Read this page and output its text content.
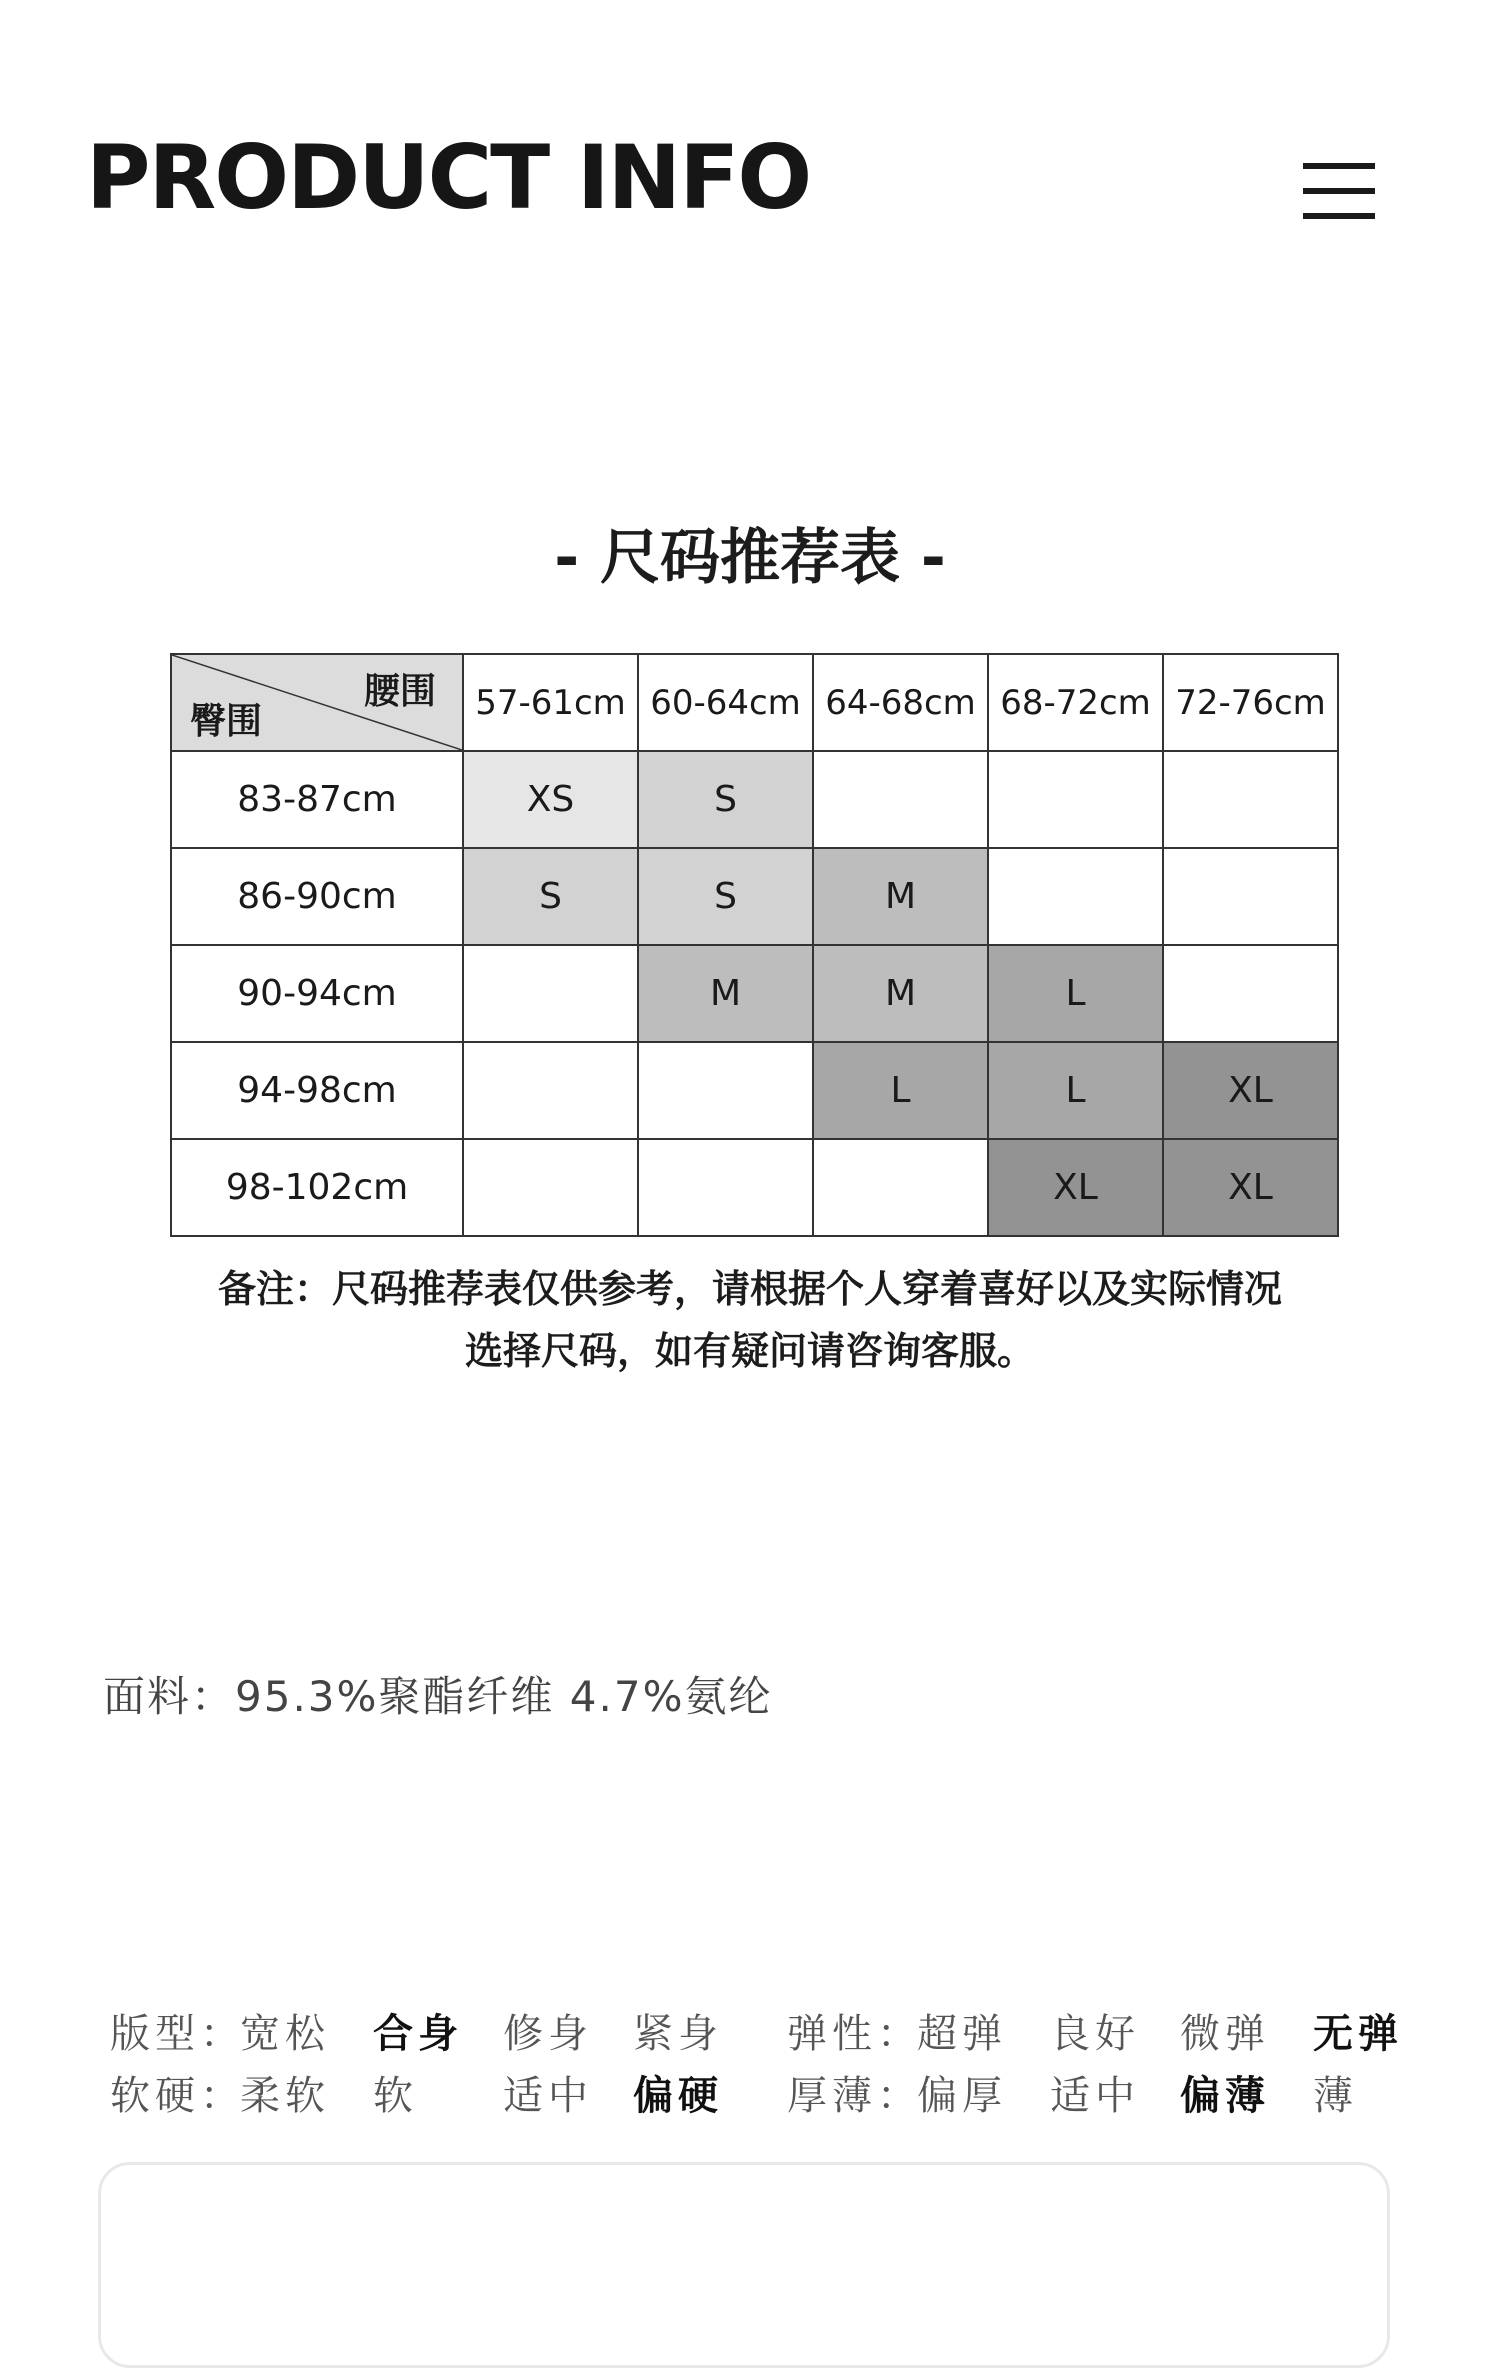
PRODUCT INFO
- 尺码推荐表 -
腰围
臀围	57-61cm	60-64cm	64-68cm	68-72cm	72-76cm
83-87cm	XS	S			
86-90cm	S	S	M		
90-94cm		M	M	L	
94-98cm			L	L	XL
98-102cm				XL	XL
备注：尺码推荐表仅供参考，请根据个人穿着喜好以及实际情况
选择尺码，如有疑问请咨询客服。
面料：95.3%聚酯纤维 4.7%氨纶
版型：
宽松 合身 修身 紧身 弹性：
超弹 良好 微弹 无弹
软硬：
柔软 软 适中 偏硬 厚薄：
偏厚 适中 偏薄 薄
